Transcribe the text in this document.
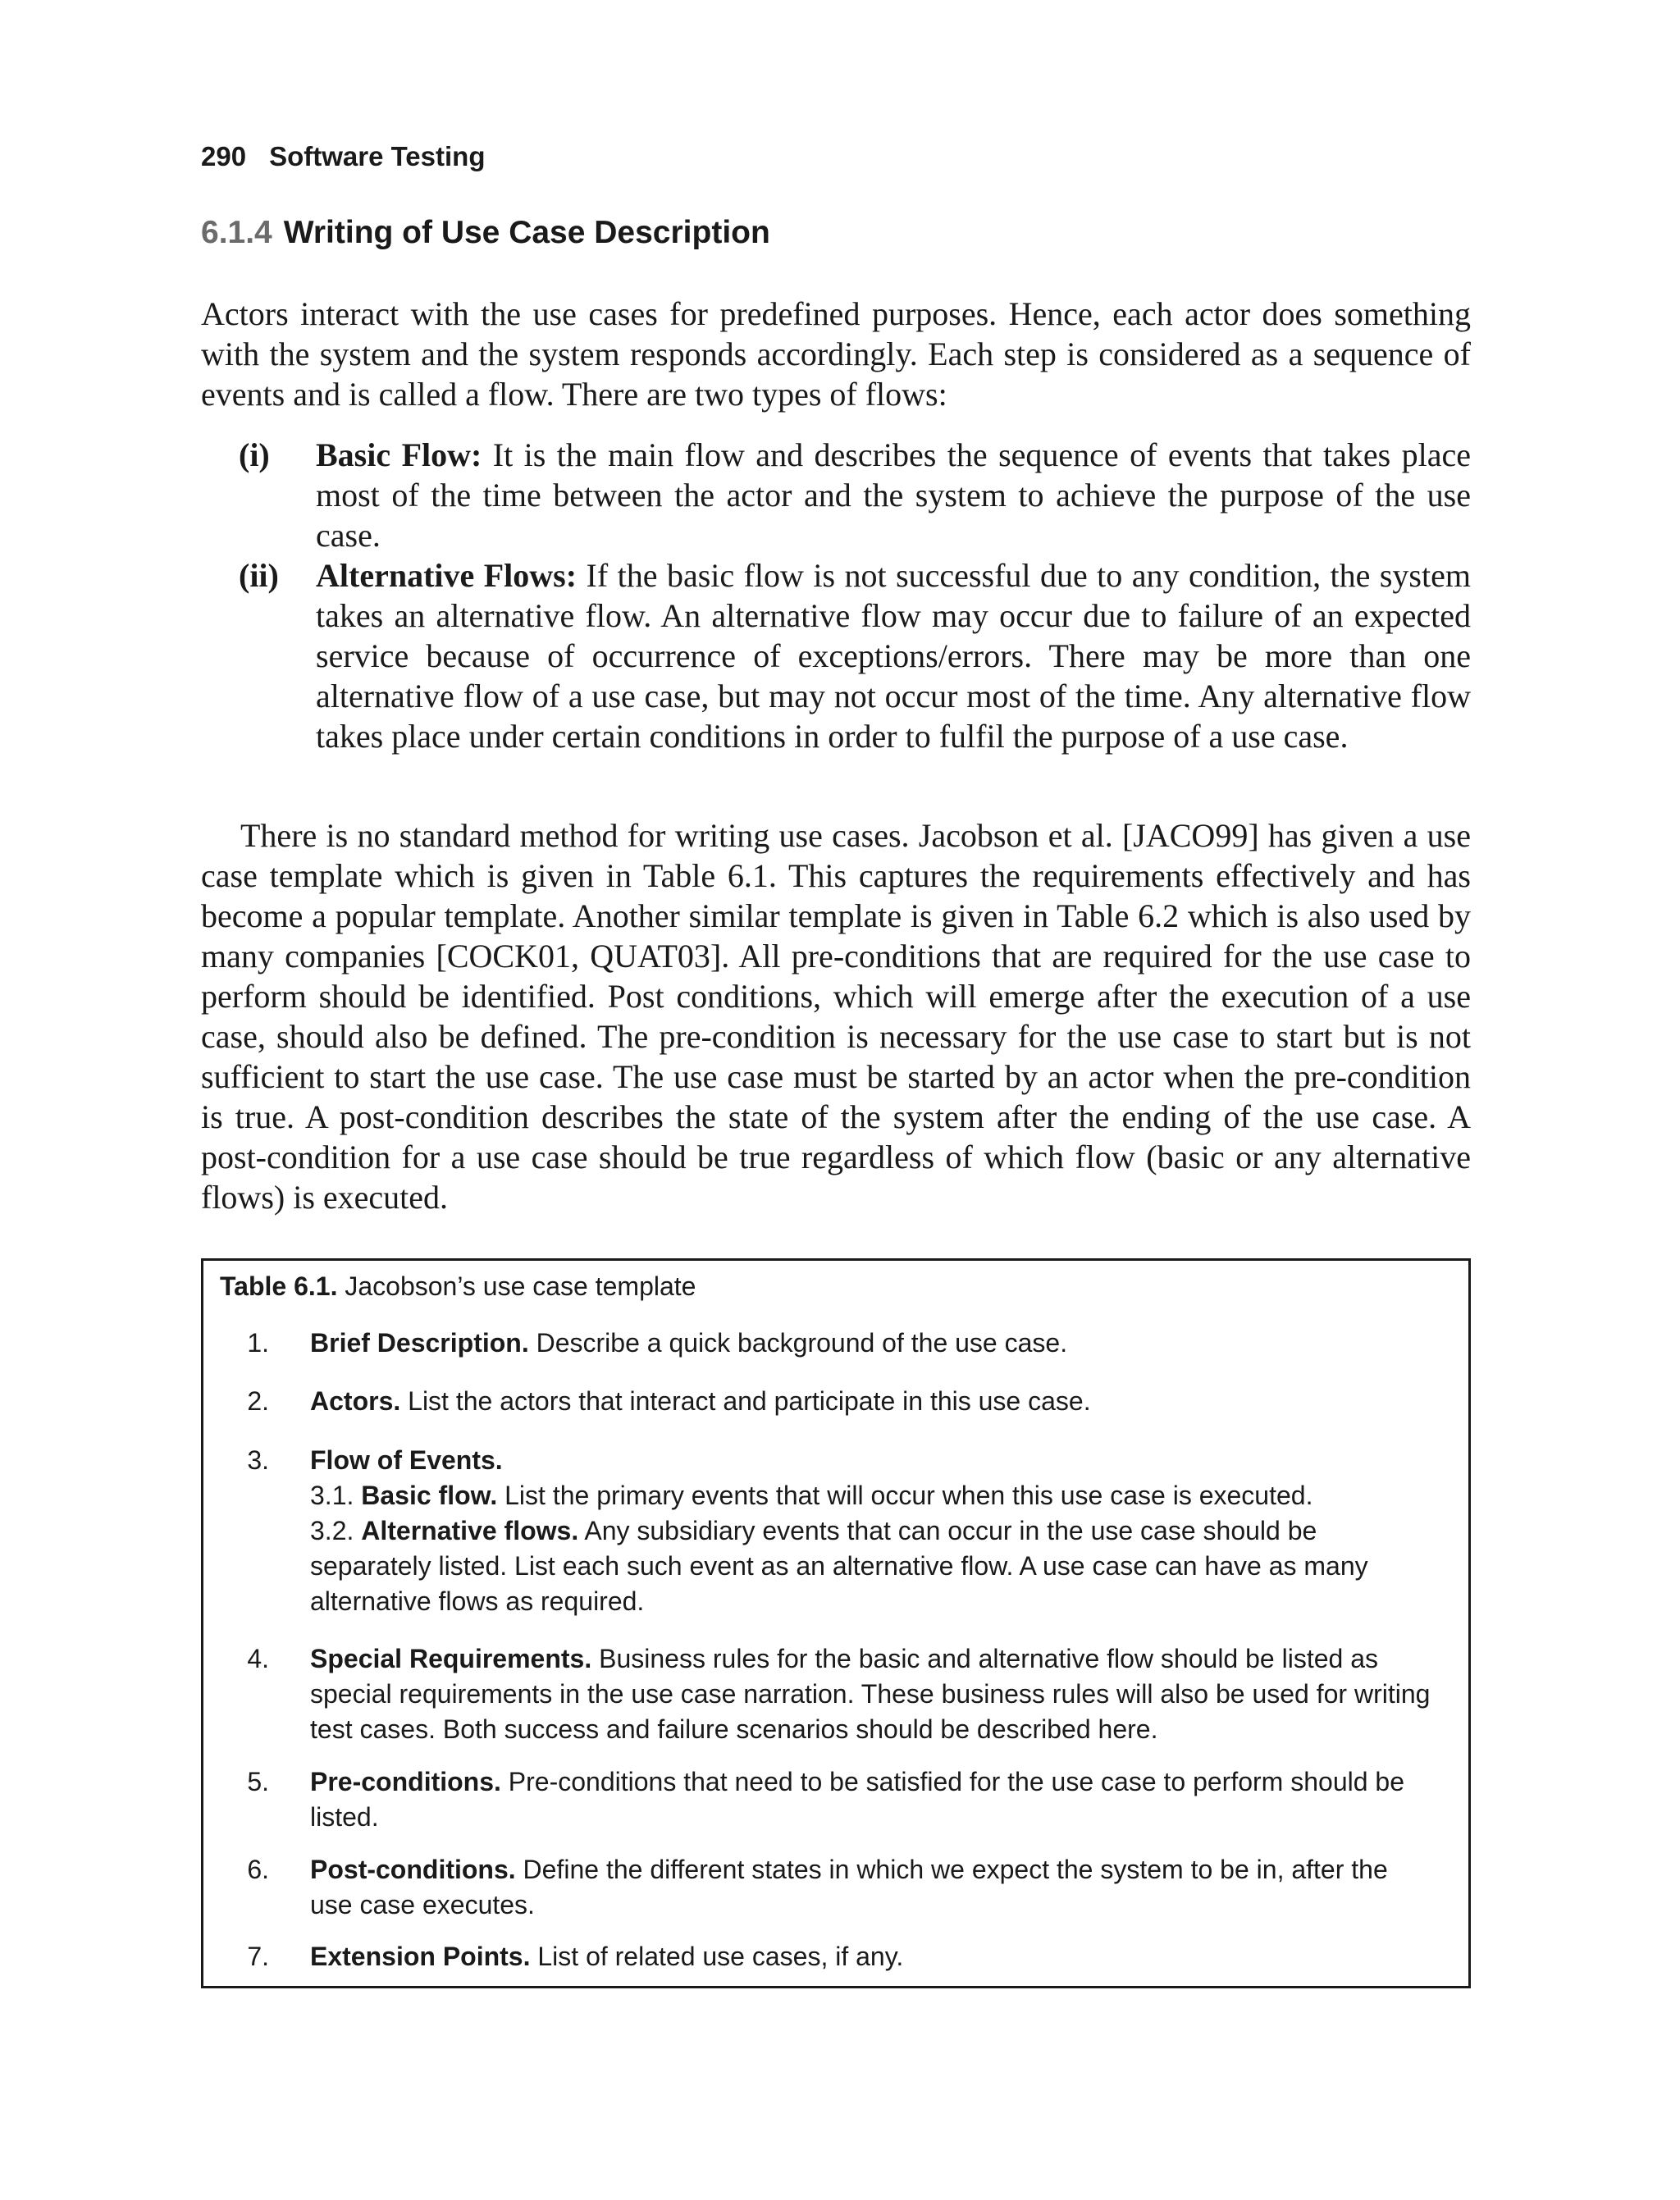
290 Software Testing
6.1.4 Writing of Use Case Description

Actors interact with the use cases for predefined purposes. Hence, each actor does something with the system and the system responds accordingly. Each step is considered as a sequence of events and is called a flow. There are two types of flows:

(i)	Basic Flow: It is the main flow and describes the sequence of events that takes place most of the time between the actor and the system to achieve the purpose of the use case.

(ii)	Alternative Flows: If the basic flow is not successful due to any condition, the system takes an alternative flow. An alternative flow may occur due to failure of an expected service because of occurrence of exceptions/errors. There may be more than one alternative flow of a use case, but may not occur most of the time. Any alternative flow takes place under certain conditions in order to fulfil the purpose of a use case.

There is no standard method for writing use cases. Jacobson et al. [JACO99] has given a use case template which is given in Table 6.1. This captures the requirements effectively and has become a popular template. Another similar template is given in Table 6.2 which is also used by many companies [COCK01, QUAT03]. All pre-conditions that are required for the use case to perform should be identified. Post conditions, which will emerge after the execution of a use case, should also be defined. The pre-condition is necessary for the use case to start but is not sufficient to start the use case. The use case must be started by an actor when the pre-condition is true. A post-condition describes the state of the system after the ending of the use case. A post-condition for a use case should be true regardless of which flow (basic or any alternative flows) is executed.

Table 6.1. Jacobson’s use case template
1.	Brief Description. Describe a quick background of the use case.
2.	Actors. List the actors that interact and participate in this use case.
3.	Flow of Events.
3.1. Basic flow. List the primary events that will occur when this use case is executed.
3.2. Alternative flows. Any subsidiary events that can occur in the use case should be separately listed. List each such event as an alternative flow. A use case can have as many alternative flows as required.
4.	Special Requirements. Business rules for the basic and alternative flow should be listed as special requirements in the use case narration. These business rules will also be used for writing test cases. Both success and failure scenarios should be described here.
5.	Pre-conditions. Pre-conditions that need to be satisfied for the use case to perform should be listed.
6.	Post-conditions. Define the different states in which we expect the system to be in, after the use case executes.
7.	Extension Points. List of related use cases, if any.
